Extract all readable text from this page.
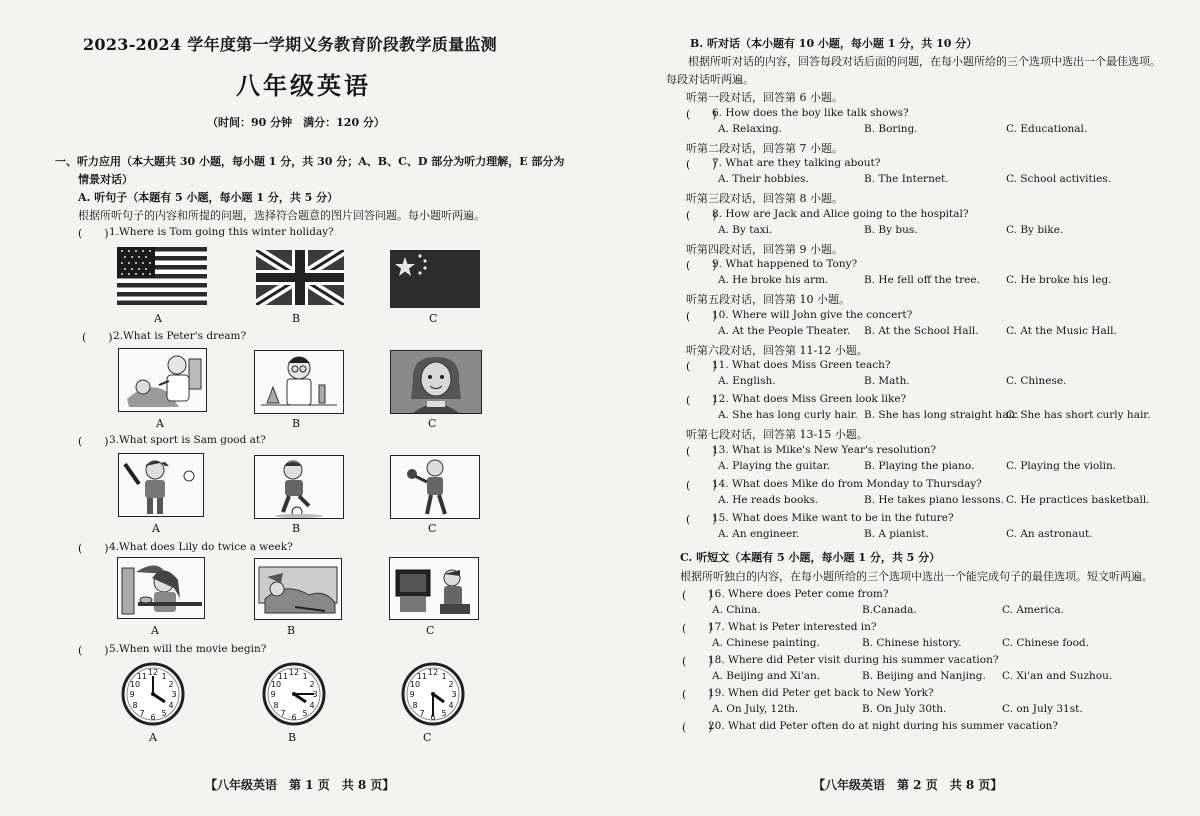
2023-2024 学年度第一学期义务教育阶段教学质量监测
八年级英语
（时间：90 分钟　满分：120 分）
一、听力应用（本大题共 30 小题，每小题 1 分，共 30 分；A、B、C、D 部分为听力理解，E 部分为
情景对话）
A. 听句子（本题有 5 小题，每小题 1 分，共 5 分）
根据所听句子的内容和所提的问题，选择符合题意的图片回答问题。每小题听两遍。
(　　) 1.Where is Tom going this winter holiday?
A	B	C
(　　) 2.What is Peter's dream?
A	B	C
(　　) 3.What sport is Sam good at?
A	B	C
(　　) 4.What does Lily do twice a week?
A	B	C
(　　) 5.When will the movie begin?
12
6
3
9
1
2
4
5
7
8
10
11	12
6
3
9
1
2
4
5
7
8
10
11	12
6
3
9
1
2
4
5
7
8
10
11
A	B	C
【八年级英语　第 1 页　共 8 页】
B. 听对话（本小题有 10 小题，每小题 1 分，共 10 分）
根据所听对话的内容，回答每段对话后面的问题，在每小题所给的三个选项中选出一个最佳选项。
每段对话听两遍。
听第一段对话，回答第 6 小题。
(　　)
6. How does the boy like talk shows?
A. Relaxing.	B. Boring.	C. Educational.
听第二段对话，回答第 7 小题。
(　　)
7. What are they talking about?
A. Their hobbies.	B. The Internet.	C. School activities.
听第三段对话，回答第 8 小题。
(　　)
8. How are Jack and Alice going to the hospital?
A. By taxi.	B. By bus.	C. By bike.
听第四段对话，回答第 9 小题。
(　　)
9. What happened to Tony?
A. He broke his arm.	B. He fell off the tree. C. He broke his leg.
听第五段对话，回答第 10 小题。
(　　)
10. Where will John give the concert?
A. At the People Theater. B. At the School Hall.	C. At the Music Hall.
听第六段对话，回答第 11-12 小题。
(　　)
11. What does Miss Green teach?
A. English.	B. Math.	C. Chinese.
(　　)
12. What does Miss Green look like?
A. She has long curly hair. B. She has long straight hair.
C. She has short curly hair.
听第七段对话，回答第 13-15 小题。
(　　)
13. What is Mike's New Year's resolution?
A. Playing the guitar.	B. Playing the piano.	C. Playing the violin.
(　　)
14. What does Mike do from Monday to Thursday?
A. He reads books.	B. He takes piano lessons. C. He practices basketball.
(　　)
15. What does Mike want to be in the future?
A. An engineer.	B. A pianist.	C. An astronaut.
C. 听短文（本题有 5 小题，每小题 1 分，共 5 分）
根据所听独白的内容，在每小题所给的三个选项中选出一个能完成句子的最佳选项。短文听两遍。
(　　)
16. Where does Peter come from?
A. China.	B.Canada.	C. America.
(　　)
17. What is Peter interested in?
A. Chinese painting.	B. Chinese history.	C. Chinese food.
(　　)
18. Where did Peter visit during his summer vacation?
A. Beijing and Xi'an.	B. Beijing and Nanjing. C. Xi'an and Suzhou.
(　　)
19. When did Peter get back to New York?
A. On July, 12th.	B. On July 30th.	C. on July 31st.
(　　)
20. What did Peter often do at night during his summer vacation?
【八年级英语　第 2 页　共 8 页】
